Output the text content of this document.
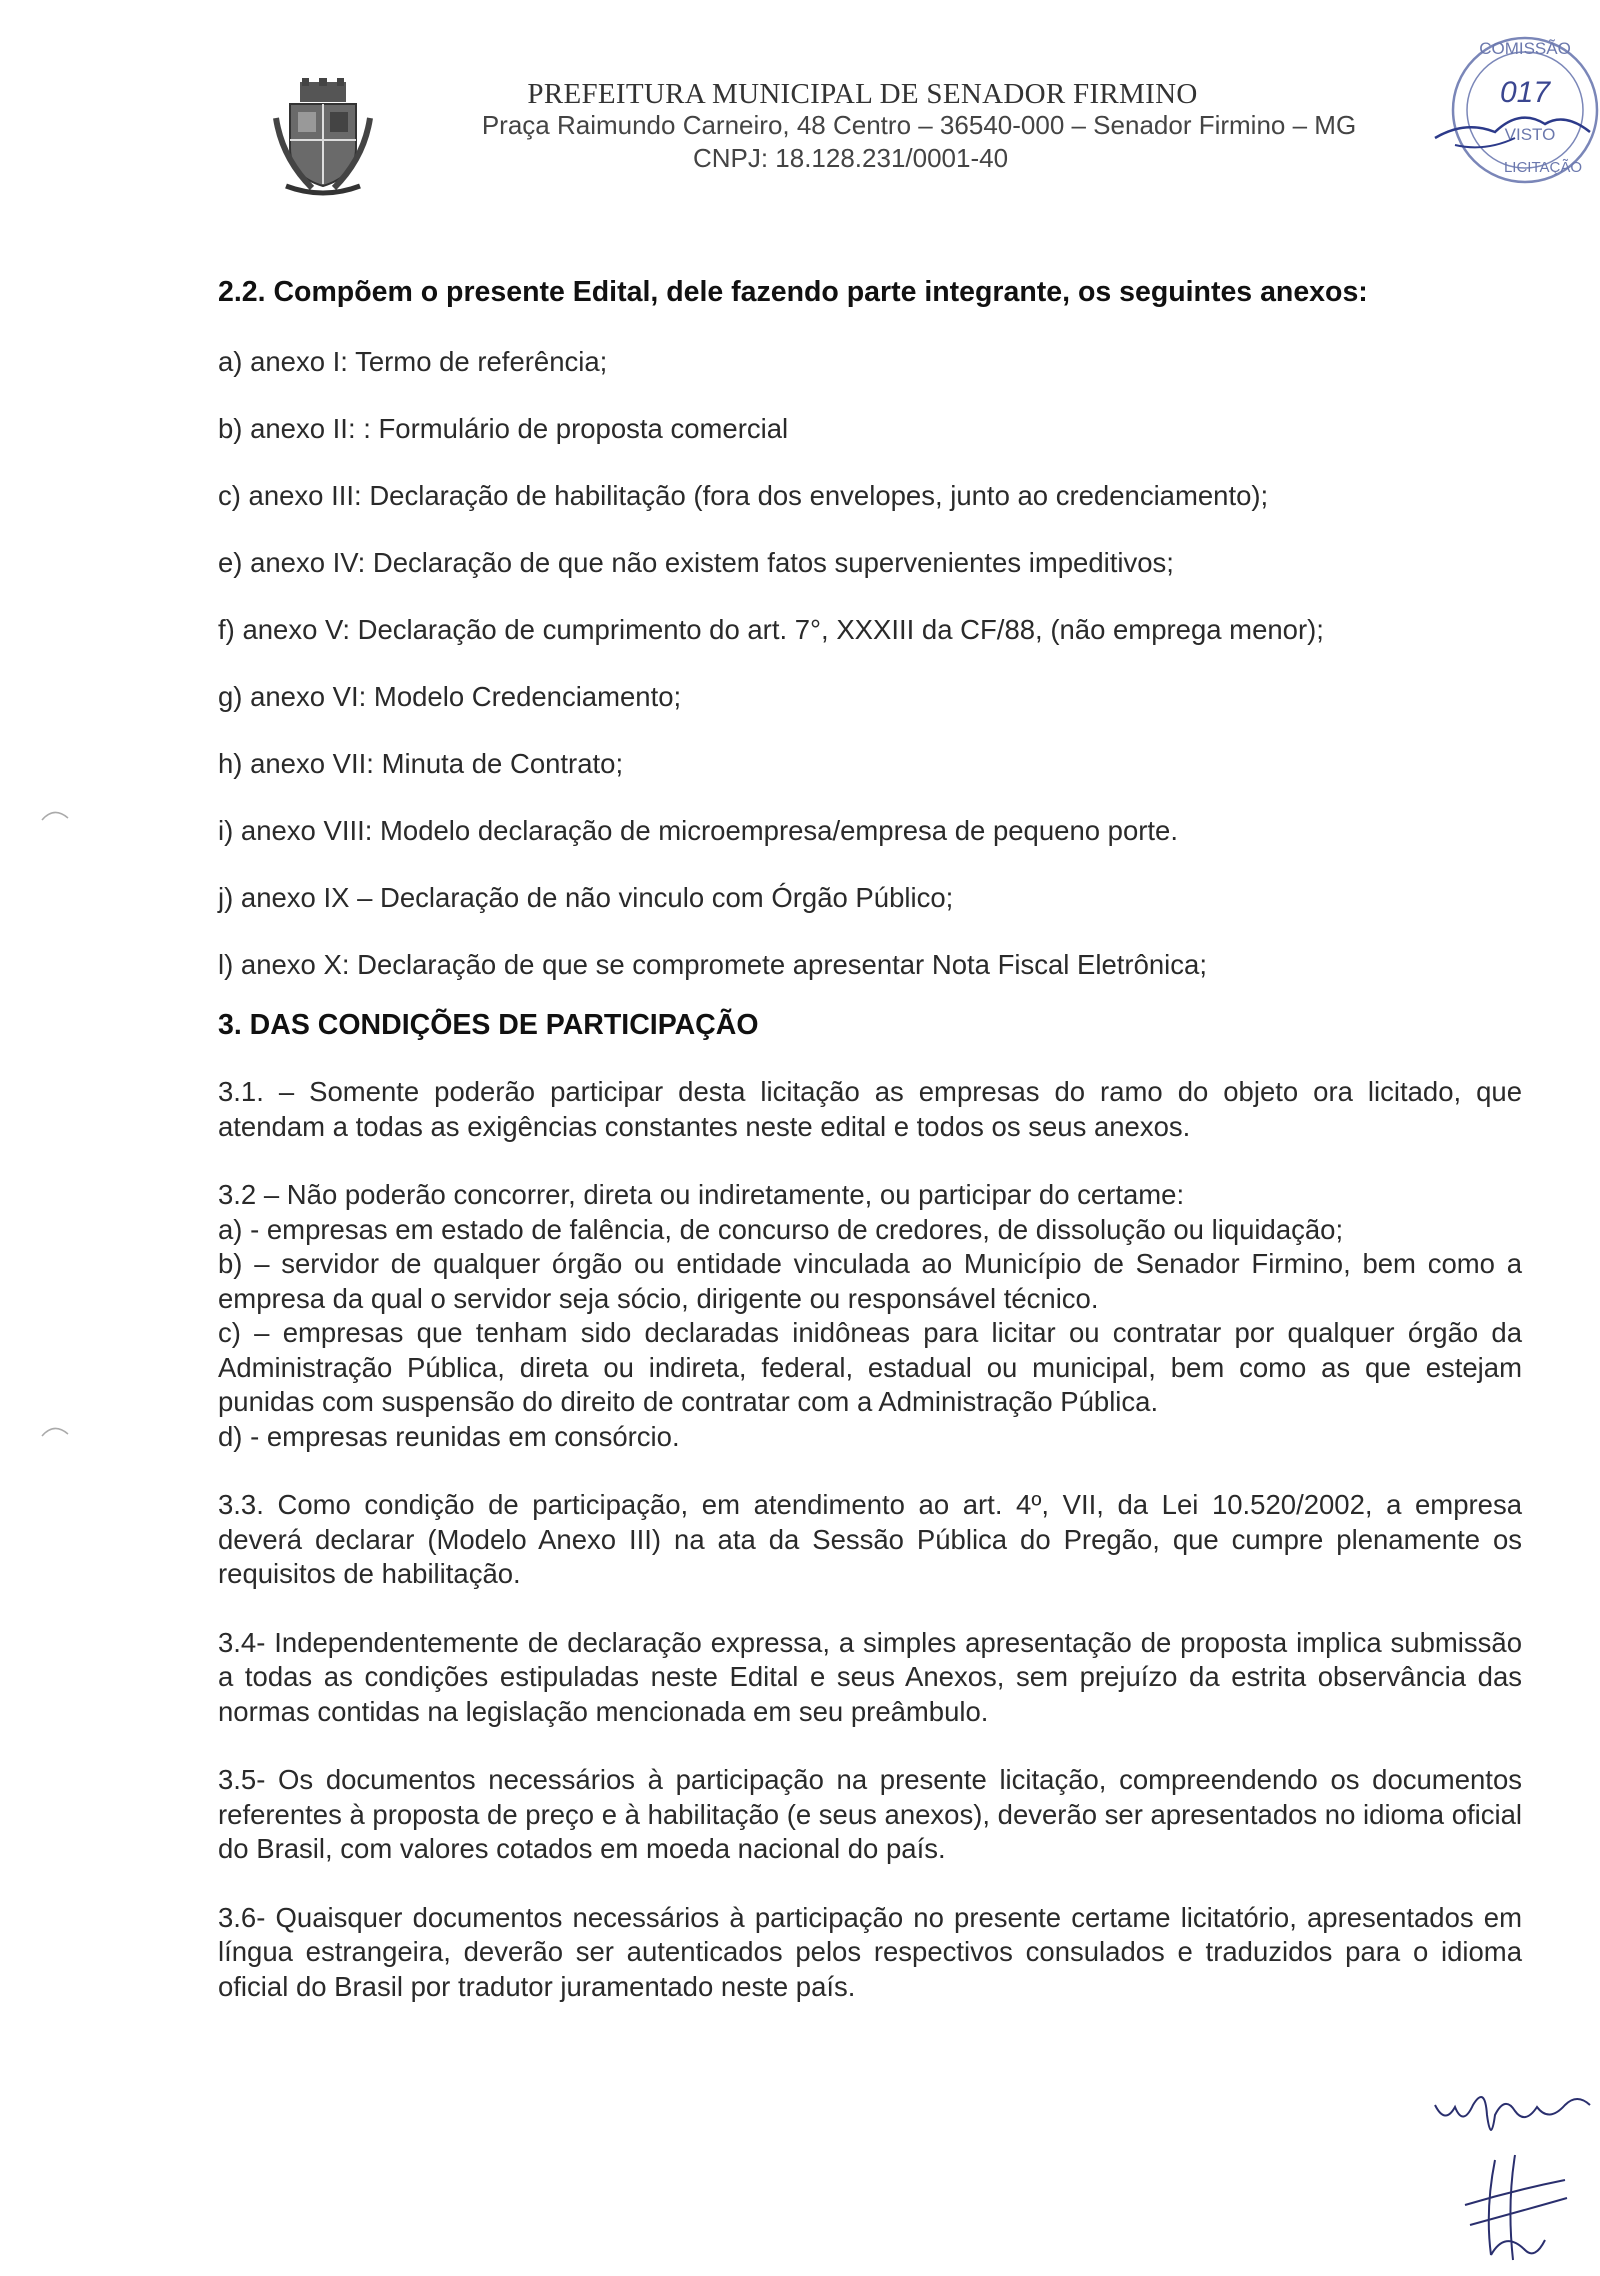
PREFEITURA MUNICIPAL DE SENADOR FIRMINO
Praça Raimundo Carneiro, 48 Centro – 36540-000 – Senador Firmino – MG
CNPJ: 18.128.231/0001-40
COMISSÃO
017
VISTO
LICITAÇÃO
2.2. Compõem o presente Edital, dele fazendo parte integrante, os seguintes anexos:
a) anexo I: Termo de referência;
b) anexo II: : Formulário de proposta comercial
c) anexo III: Declaração de habilitação (fora dos envelopes, junto ao credenciamento);
e) anexo IV: Declaração de que não existem fatos supervenientes impeditivos;
f) anexo V: Declaração de cumprimento do art. 7°, XXXIII da CF/88, (não emprega menor);
g) anexo VI: Modelo Credenciamento;
h) anexo VII: Minuta de Contrato;
i) anexo VIII: Modelo declaração de microempresa/empresa de pequeno porte.
j) anexo IX – Declaração de não vinculo com Órgão Público;
l) anexo X: Declaração de que se compromete apresentar Nota Fiscal Eletrônica;
3. DAS CONDIÇÕES DE PARTICIPAÇÃO

3.1. – Somente poderão participar desta licitação as empresas do ramo do objeto ora licitado, que atendam a todas as exigências constantes neste edital e todos os seus anexos.

3.2 – Não poderão concorrer, direta ou indiretamente, ou participar do certame:

a) - empresas em estado de falência, de concurso de credores, de dissolução ou liquidação;

b) – servidor de qualquer órgão ou entidade vinculada ao Município de Senador Firmino, bem como a empresa da qual o servidor seja sócio, dirigente ou responsável técnico.

c) – empresas que tenham sido declaradas inidôneas para licitar ou contratar por qualquer órgão da Administração Pública, direta ou indireta, federal, estadual ou municipal, bem como as que estejam punidas com suspensão do direito de contratar com a Administração Pública.

d) - empresas reunidas em consórcio.

3.3. Como condição de participação, em atendimento ao art. 4º, VII, da Lei 10.520/2002, a empresa deverá declarar (Modelo Anexo III) na ata da Sessão Pública do Pregão, que cumpre plenamente os requisitos de habilitação.

3.4- Independentemente de declaração expressa, a simples apresentação de proposta implica submissão a todas as condições estipuladas neste Edital e seus Anexos, sem prejuízo da estrita observância das normas contidas na legislação mencionada em seu preâmbulo.

3.5- Os documentos necessários à participação na presente licitação, compreendendo os documentos referentes à proposta de preço e à habilitação (e seus anexos), deverão ser apresentados no idioma oficial do Brasil, com valores cotados em moeda nacional do país.

3.6- Quaisquer documentos necessários à participação no presente certame licitatório, apresentados em língua estrangeira, deverão ser autenticados pelos respectivos consulados e traduzidos para o idioma oficial do Brasil por tradutor juramentado neste país.
